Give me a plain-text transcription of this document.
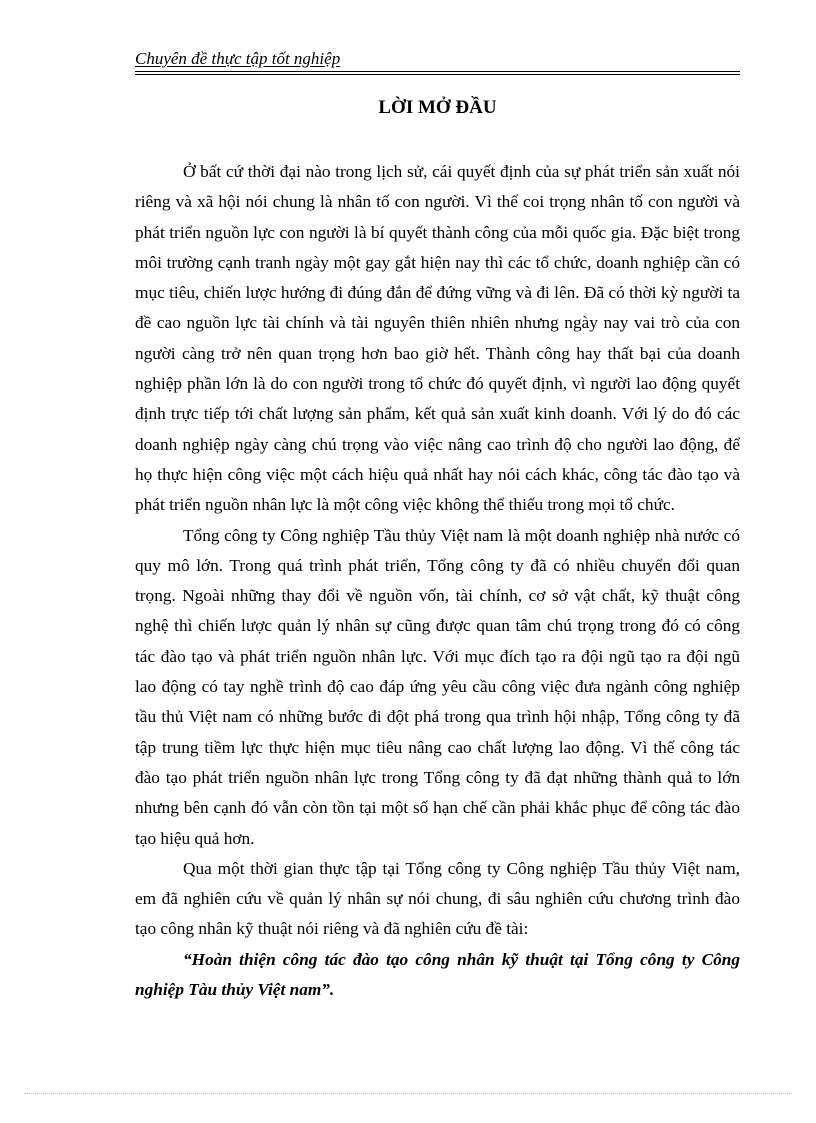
Chuyên đề thực tập tốt nghiệp
LỜI MỞ ĐẦU

Ở bất cứ thời đại nào trong lịch sử, cái quyết định của sự phát triển sản xuất nói riêng và xã hội nói chung là nhân tố con người. Vì thế coi trọng nhân tố con người và phát triển nguồn lực con người là bí quyết thành công của mỗi quốc gia. Đặc biệt trong môi trường cạnh tranh ngày một gay gắt hiện nay thì các tổ chức, doanh nghiệp cần có mục tiêu, chiến lược hướng đi đúng đắn để đứng vững và đi lên. Đã có thời kỳ người ta đề cao nguồn lực tài chính và tài nguyên thiên nhiên nhưng ngày nay vai trò của con người càng trở nên quan trọng hơn bao giờ hết. Thành công hay thất bại của doanh nghiệp phần lớn là do con người trong tổ chức đó quyết định, vì người lao động quyết định trực tiếp tới chất lượng sản phẩm, kết quả sản xuất kinh doanh. Với lý do đó các doanh nghiệp ngày càng chú trọng vào việc nâng cao trình độ cho người lao động, để họ thực hiện công việc một cách hiệu quả nhất hay nói cách khác, công tác đào tạo và phát triển nguồn nhân lực là một công việc không thể thiếu trong mọi tổ chức.

Tổng công ty Công nghiệp Tầu thủy Việt nam là một doanh nghiệp nhà nước có quy mô lớn. Trong quá trình phát triển, Tổng công ty đã có nhiều chuyển đổi quan trọng. Ngoài những thay đổi về nguồn vốn, tài chính, cơ sở vật chất, kỹ thuật công nghệ thì chiến lược quản lý nhân sự cũng được quan tâm chú trọng trong đó có công tác đào tạo và phát triển nguồn nhân lực. Với mục đích tạo ra đội ngũ tạo ra đội ngũ lao động có tay nghề trình độ cao đáp ứng yêu cầu công việc đưa ngành công nghiệp tầu thủ Việt nam có những bước đi đột phá trong qua trình hội nhập, Tổng công ty đã tập trung tiềm lực thực hiện mục tiêu nâng cao chất lượng lao động. Vì thế công tác đào tạo phát triển nguồn nhân lực trong Tổng công ty đã đạt những thành quả to lớn nhưng bên cạnh đó vẫn còn tồn tại một số hạn chế cần phải khắc phục để công tác đào tạo hiệu quả hơn.

Qua một thời gian thực tập tại Tổng công ty Công nghiệp Tầu thủy Việt nam, em đã nghiên cứu về quản lý nhân sự nói chung, đi sâu nghiên cứu chương trình đào tạo công nhân kỹ thuật nói riêng và đã nghiên cứu đề tài:

“Hoàn thiện công tác đào tạo công nhân kỹ thuật tại Tổng công ty Công nghiệp Tàu thủy Việt nam”.
